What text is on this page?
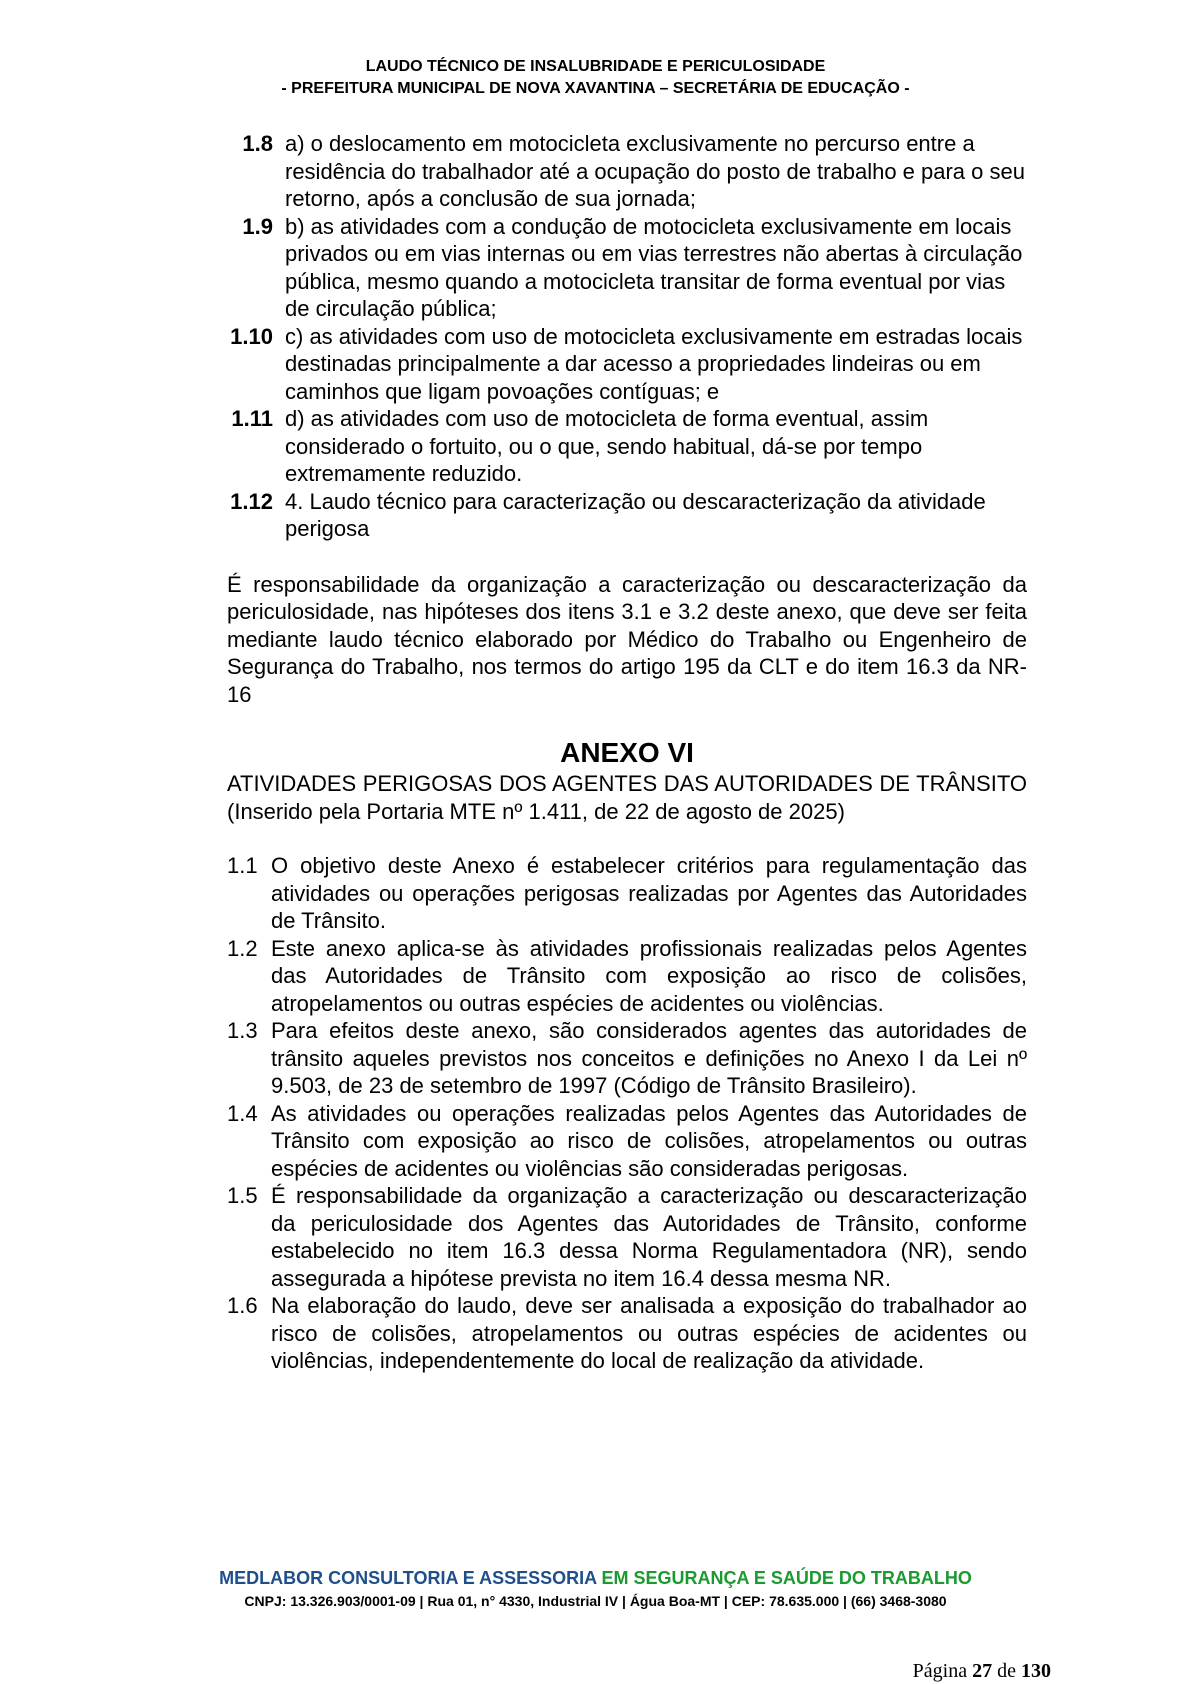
LAUDO TÉCNICO DE INSALUBRIDADE E PERICULOSIDADE
- PREFEITURA MUNICIPAL DE NOVA XAVANTINA – SECRETÁRIA DE EDUCAÇÃO -
1.8 a) o deslocamento em motocicleta exclusivamente no percurso entre a residência do trabalhador até a ocupação do posto de trabalho e para o seu retorno, após a conclusão de sua jornada;
1.9 b) as atividades com a condução de motocicleta exclusivamente em locais privados ou em vias internas ou em vias terrestres não abertas à circulação pública, mesmo quando a motocicleta transitar de forma eventual por vias de circulação pública;
1.10 c) as atividades com uso de motocicleta exclusivamente em estradas locais destinadas principalmente a dar acesso a propriedades lindeiras ou em caminhos que ligam povoações contíguas; e
1.11 d) as atividades com uso de motocicleta de forma eventual, assim considerado o fortuito, ou o que, sendo habitual, dá-se por tempo extremamente reduzido.
1.12 4. Laudo técnico para caracterização ou descaracterização da atividade perigosa
É responsabilidade da organização a caracterização ou descaracterização da periculosidade, nas hipóteses dos itens 3.1 e 3.2 deste anexo, que deve ser feita mediante laudo técnico elaborado por Médico do Trabalho ou Engenheiro de Segurança do Trabalho, nos termos do artigo 195 da CLT e do item 16.3 da NR-16
ANEXO VI
ATIVIDADES PERIGOSAS DOS AGENTES DAS AUTORIDADES DE TRÂNSITO (Inserido pela Portaria MTE nº 1.411, de 22 de agosto de 2025)
1.1 O objetivo deste Anexo é estabelecer critérios para regulamentação das atividades ou operações perigosas realizadas por Agentes das Autoridades de Trânsito.
1.2 Este anexo aplica-se às atividades profissionais realizadas pelos Agentes das Autoridades de Trânsito com exposição ao risco de colisões, atropelamentos ou outras espécies de acidentes ou violências.
1.3 Para efeitos deste anexo, são considerados agentes das autoridades de trânsito aqueles previstos nos conceitos e definições no Anexo I da Lei nº 9.503, de 23 de setembro de 1997 (Código de Trânsito Brasileiro).
1.4 As atividades ou operações realizadas pelos Agentes das Autoridades de Trânsito com exposição ao risco de colisões, atropelamentos ou outras espécies de acidentes ou violências são consideradas perigosas.
1.5 É responsabilidade da organização a caracterização ou descaracterização da periculosidade dos Agentes das Autoridades de Trânsito, conforme estabelecido no item 16.3 dessa Norma Regulamentadora (NR), sendo assegurada a hipótese prevista no item 16.4 dessa mesma NR.
1.6 Na elaboração do laudo, deve ser analisada a exposição do trabalhador ao risco de colisões, atropelamentos ou outras espécies de acidentes ou violências, independentemente do local de realização da atividade.
MEDLABOR CONSULTORIA E ASSESSORIA EM SEGURANÇA E SAÚDE DO TRABALHO
CNPJ: 13.326.903/0001-09 | Rua 01, n° 4330, Industrial IV | Água Boa-MT | CEP: 78.635.000 | (66) 3468-3080
Página 27 de 130
